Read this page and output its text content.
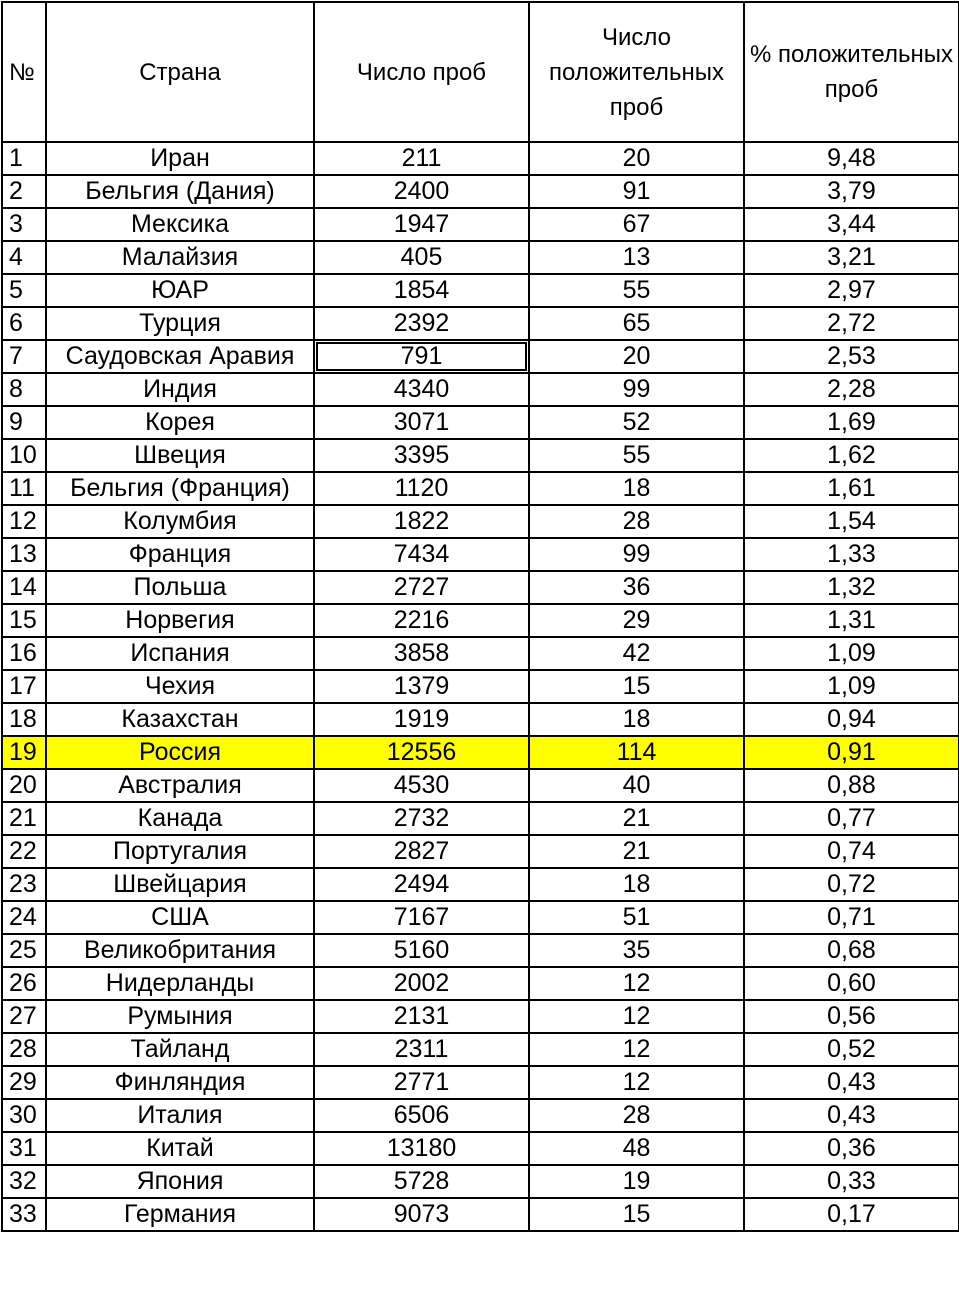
№	Страна	Число проб	Число положительных проб	% положительных проб
1	Иран	211	20	9,48
2	Бельгия (Дания)	2400	91	3,79
3	Мексика	1947	67	3,44
4	Малайзия	405	13	3,21
5	ЮАР	1854	55	2,97
6	Турция	2392	65	2,72
7	Саудовская Аравия	791	20	2,53
8	Индия	4340	99	2,28
9	Корея	3071	52	1,69
10	Швеция	3395	55	1,62
11	Бельгия (Франция)	1120	18	1,61
12	Колумбия	1822	28	1,54
13	Франция	7434	99	1,33
14	Польша	2727	36	1,32
15	Норвегия	2216	29	1,31
16	Испания	3858	42	1,09
17	Чехия	1379	15	1,09
18	Казахстан	1919	18	0,94
19	Россия	12556	114	0,91
20	Австралия	4530	40	0,88
21	Канада	2732	21	0,77
22	Португалия	2827	21	0,74
23	Швейцария	2494	18	0,72
24	США	7167	51	0,71
25	Великобритания	5160	35	0,68
26	Нидерланды	2002	12	0,60
27	Румыния	2131	12	0,56
28	Тайланд	2311	12	0,52
29	Финляндия	2771	12	0,43
30	Италия	6506	28	0,43
31	Китай	13180	48	0,36
32	Япония	5728	19	0,33
33	Германия	9073	15	0,17
